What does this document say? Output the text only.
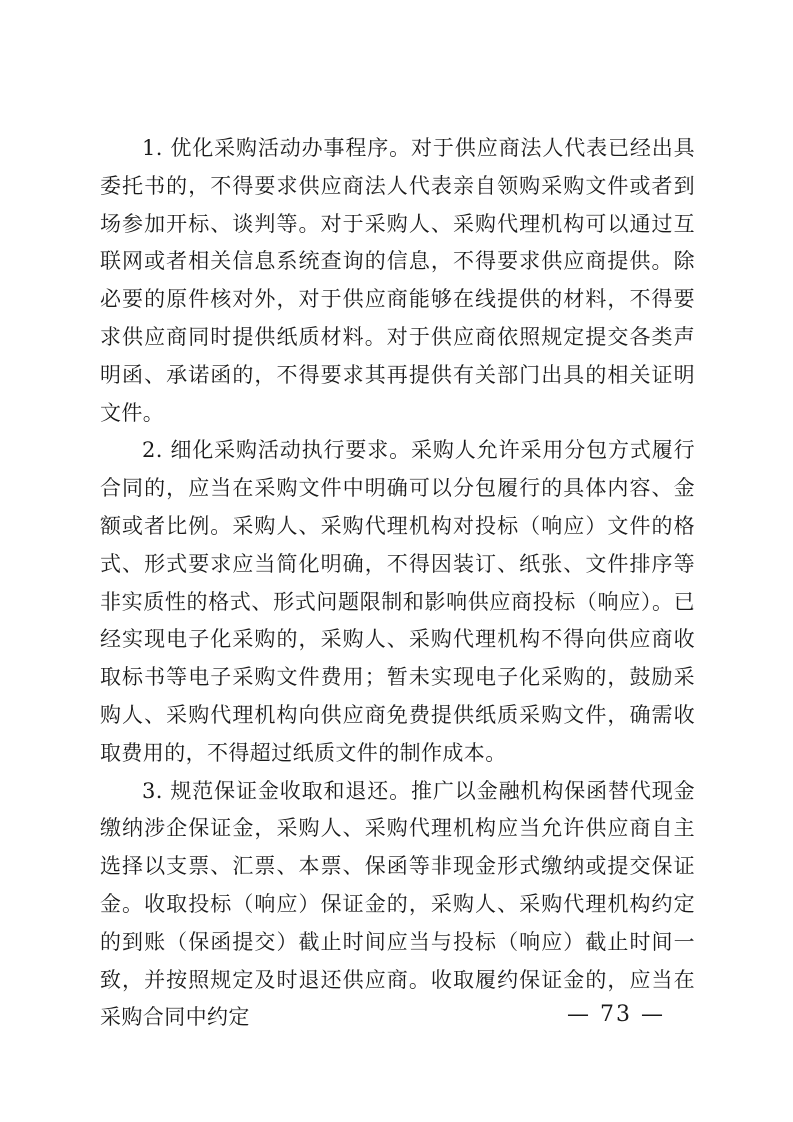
1. 优化采购活动办事程序。对于供应商法人代表已经出具委托书的，不得要求供应商法人代表亲自领购采购文件或者到场参加开标、谈判等。对于采购人、采购代理机构可以通过互联网或者相关信息系统查询的信息，不得要求供应商提供。除必要的原件核对外，对于供应商能够在线提供的材料，不得要求供应商同时提供纸质材料。对于供应商依照规定提交各类声明函、承诺函的，不得要求其再提供有关部门出具的相关证明文件。

2. 细化采购活动执行要求。采购人允许采用分包方式履行合同的，应当在采购文件中明确可以分包履行的具体内容、金额或者比例。采购人、采购代理机构对投标（响应）文件的格式、形式要求应当简化明确，不得因装订、纸张、文件排序等非实质性的格式、形式问题限制和影响供应商投标（响应）。已经实现电子化采购的，采购人、采购代理机构不得向供应商收取标书等电子采购文件费用；暂未实现电子化采购的，鼓励采购人、采购代理机构向供应商免费提供纸质采购文件，确需收取费用的，不得超过纸质文件的制作成本。

3. 规范保证金收取和退还。推广以金融机构保函替代现金缴纳涉企保证金，采购人、采购代理机构应当允许供应商自主选择以支票、汇票、本票、保函等非现金形式缴纳或提交保证金。收取投标（响应）保证金的，采购人、采购代理机构约定的到账（保函提交）截止时间应当与投标（响应）截止时间一致，并按照规定及时退还供应商。收取履约保证金的，应当在采购合同中约定	— 73 —
